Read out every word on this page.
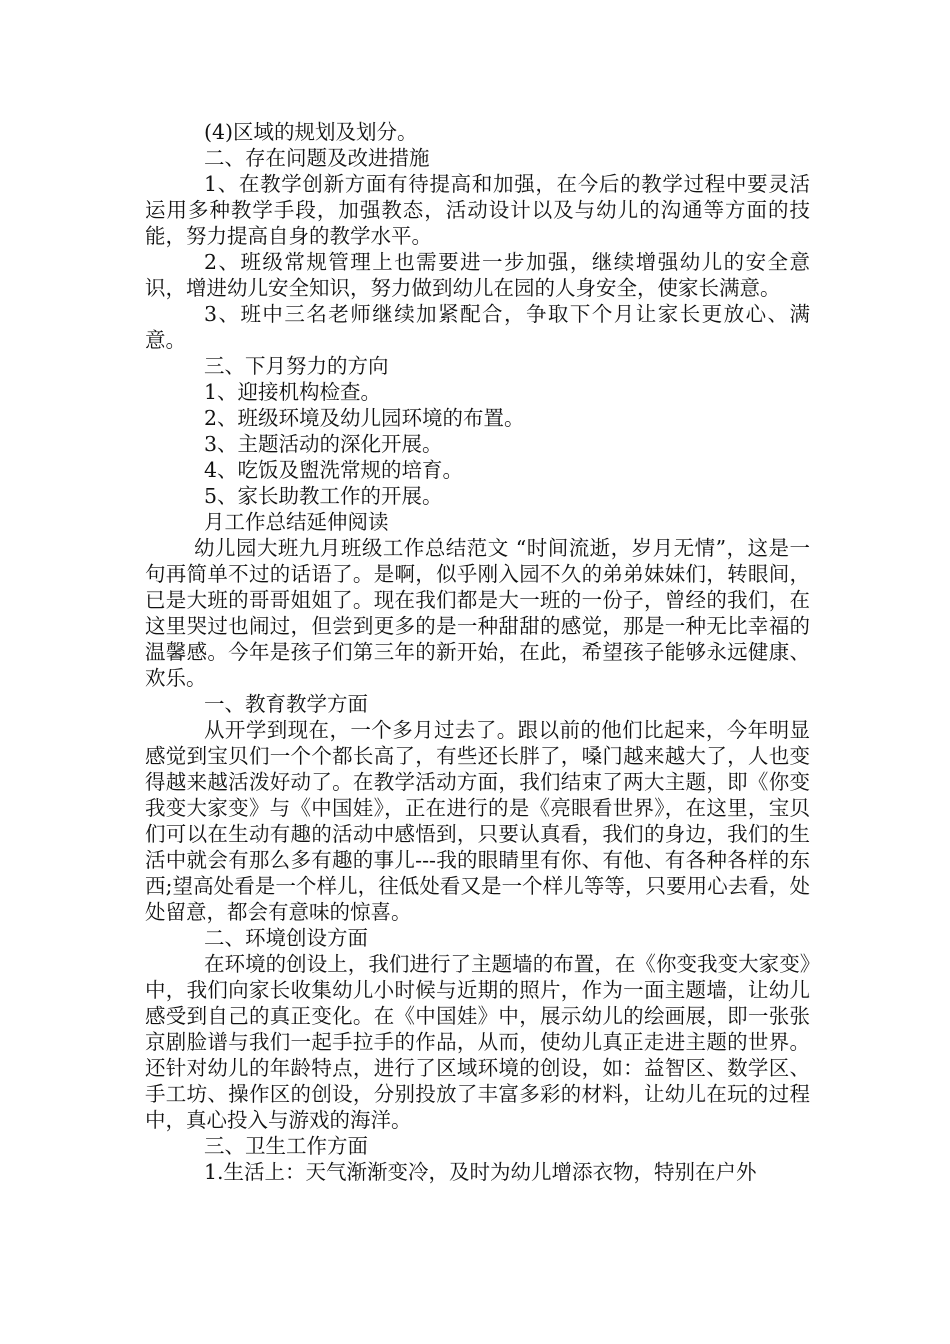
(4)区域的规划及划分。

二、存在问题及改进措施

1、在教学创新方面有待提高和加强，在今后的教学过程中要灵活运用多种教学手段，加强教态，活动设计以及与幼儿的沟通等方面的技能，努力提高自身的教学水平。

2、班级常规管理上也需要进一步加强，继续增强幼儿的安全意识，增进幼儿安全知识，努力做到幼儿在园的人身安全，使家长满意。

3、班中三名老师继续加紧配合，争取下个月让家长更放心、满意。

三、下月努力的方向

1、迎接机构检查。

2、班级环境及幼儿园环境的布置。

3、主题活动的深化开展。

4、吃饭及盥洗常规的培育。

5、家长助教工作的开展。

月工作总结延伸阅读

幼儿园大班九月班级工作总结范文 “时间流逝，岁月无情”，这是一句再简单不过的话语了。是啊，似乎刚入园不久的弟弟妹妹们，转眼间，已是大班的哥哥姐姐了。现在我们都是大一班的一份子，曾经的我们，在这里哭过也闹过，但尝到更多的是一种甜甜的感觉，那是一种无比幸福的温馨感。今年是孩子们第三年的新开始，在此，希望孩子能够永远健康、欢乐。

一、教育教学方面

从开学到现在，一个多月过去了。跟以前的他们比起来，今年明显感觉到宝贝们一个个都长高了，有些还长胖了，嗓门越来越大了，人也变得越来越活泼好动了。在教学活动方面，我们结束了两大主题，即《你变我变大家变》与《中国娃》，正在进行的是《亮眼看世界》，在这里，宝贝们可以在生动有趣的活动中感悟到，只要认真看，我们的身边，我们的生活中就会有那么多有趣的事儿---我的眼睛里有你、有他、有各种各样的东西;望高处看是一个样儿，往低处看又是一个样儿等等，只要用心去看，处处留意，都会有意味的惊喜。

二、环境创设方面

在环境的创设上，我们进行了主题墙的布置，在《你变我变大家变》中，我们向家长收集幼儿小时候与近期的照片，作为一面主题墙，让幼儿感受到自己的真正变化。在《中国娃》中，展示幼儿的绘画展，即一张张京剧脸谱与我们一起手拉手的作品，从而，使幼儿真正走进主题的世界。还针对幼儿的年龄特点，进行了区域环境的创设，如：益智区、数学区、手工坊、操作区的创设，分别投放了丰富多彩的材料，让幼儿在玩的过程中，真心投入与游戏的海洋。

三、卫生工作方面

1.生活上：天气渐渐变冷，及时为幼儿增添衣物，特别在户外
